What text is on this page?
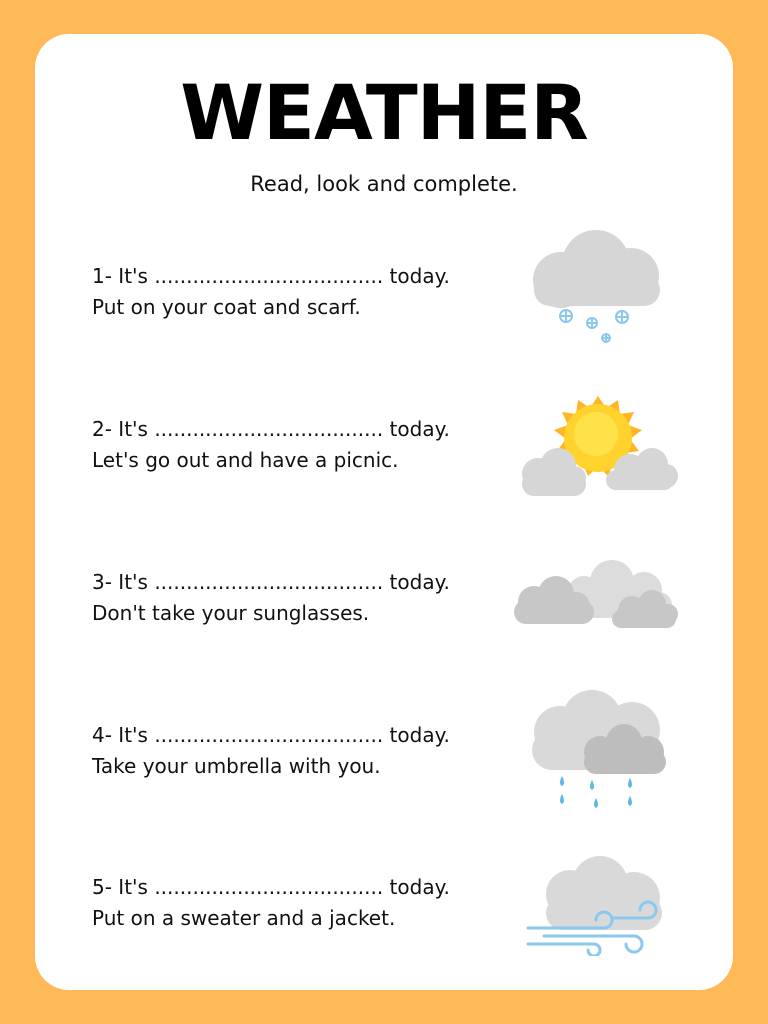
WEATHER
Read, look and complete.
1- It's .................................... today.
Put on your coat and scarf.
2- It's .................................... today.
Let's go out and have a picnic.
3- It's .................................... today.
Don't take your sunglasses.
4- It's .................................... today.
Take your umbrella with you.
5- It's .................................... today.
Put on a sweater and a jacket.
